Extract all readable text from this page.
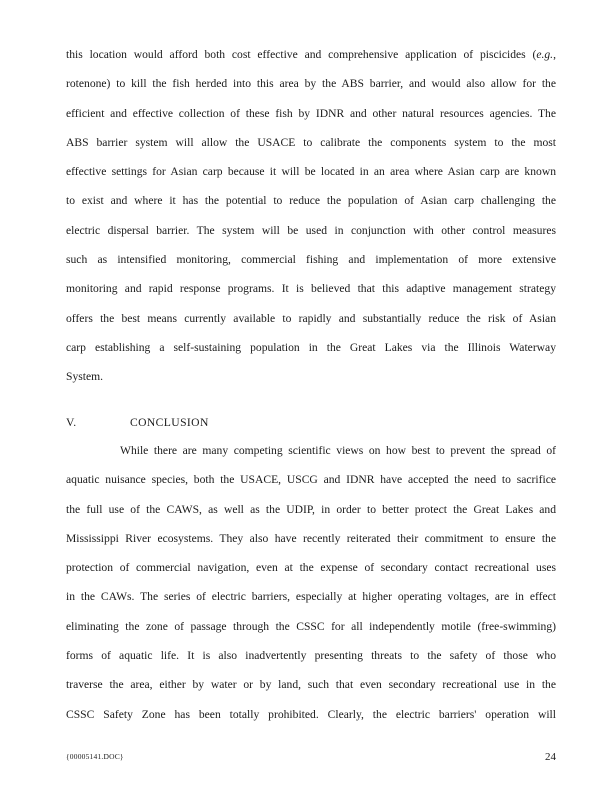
this location would afford both cost effective and comprehensive application of piscicides (e.g.,
rotenone) to kill the fish herded into this area by the ABS barrier, and would also allow for the
efficient and effective collection of these fish by IDNR and other natural resources agencies. The
ABS barrier system will allow the USACE to calibrate the components system to the most
effective settings for Asian carp because it will be located in an area where Asian carp are known
to exist and where it has the potential to reduce the population of Asian carp challenging the
electric dispersal barrier. The system will be used in conjunction with other control measures
such as intensified monitoring, commercial fishing and implementation of more extensive
monitoring and rapid response programs. It is believed that this adaptive management strategy
offers the best means currently available to rapidly and substantially reduce the risk of Asian
carp establishing a self-sustaining population in the Great Lakes via the Illinois Waterway
System.
V.	CONCLUSION
While there are many competing scientific views on how best to prevent the spread of
aquatic nuisance species, both the USACE, USCG and IDNR have accepted the need to sacrifice
the full use of the CAWS, as well as the UDIP, in order to better protect the Great Lakes and
Mississippi River ecosystems. They also have recently reiterated their commitment to ensure the
protection of commercial navigation, even at the expense of secondary contact recreational uses
in the CAWs. The series of electric barriers, especially at higher operating voltages, are in effect
eliminating the zone of passage through the CSSC for all independently motile (free-swimming)
forms of aquatic life. It is also inadvertently presenting threats to the safety of those who
traverse the area, either by water or by land, such that even secondary recreational use in the
CSSC Safety Zone has been totally prohibited. Clearly, the electric barriers' operation will
{00005141.DOC}	24
